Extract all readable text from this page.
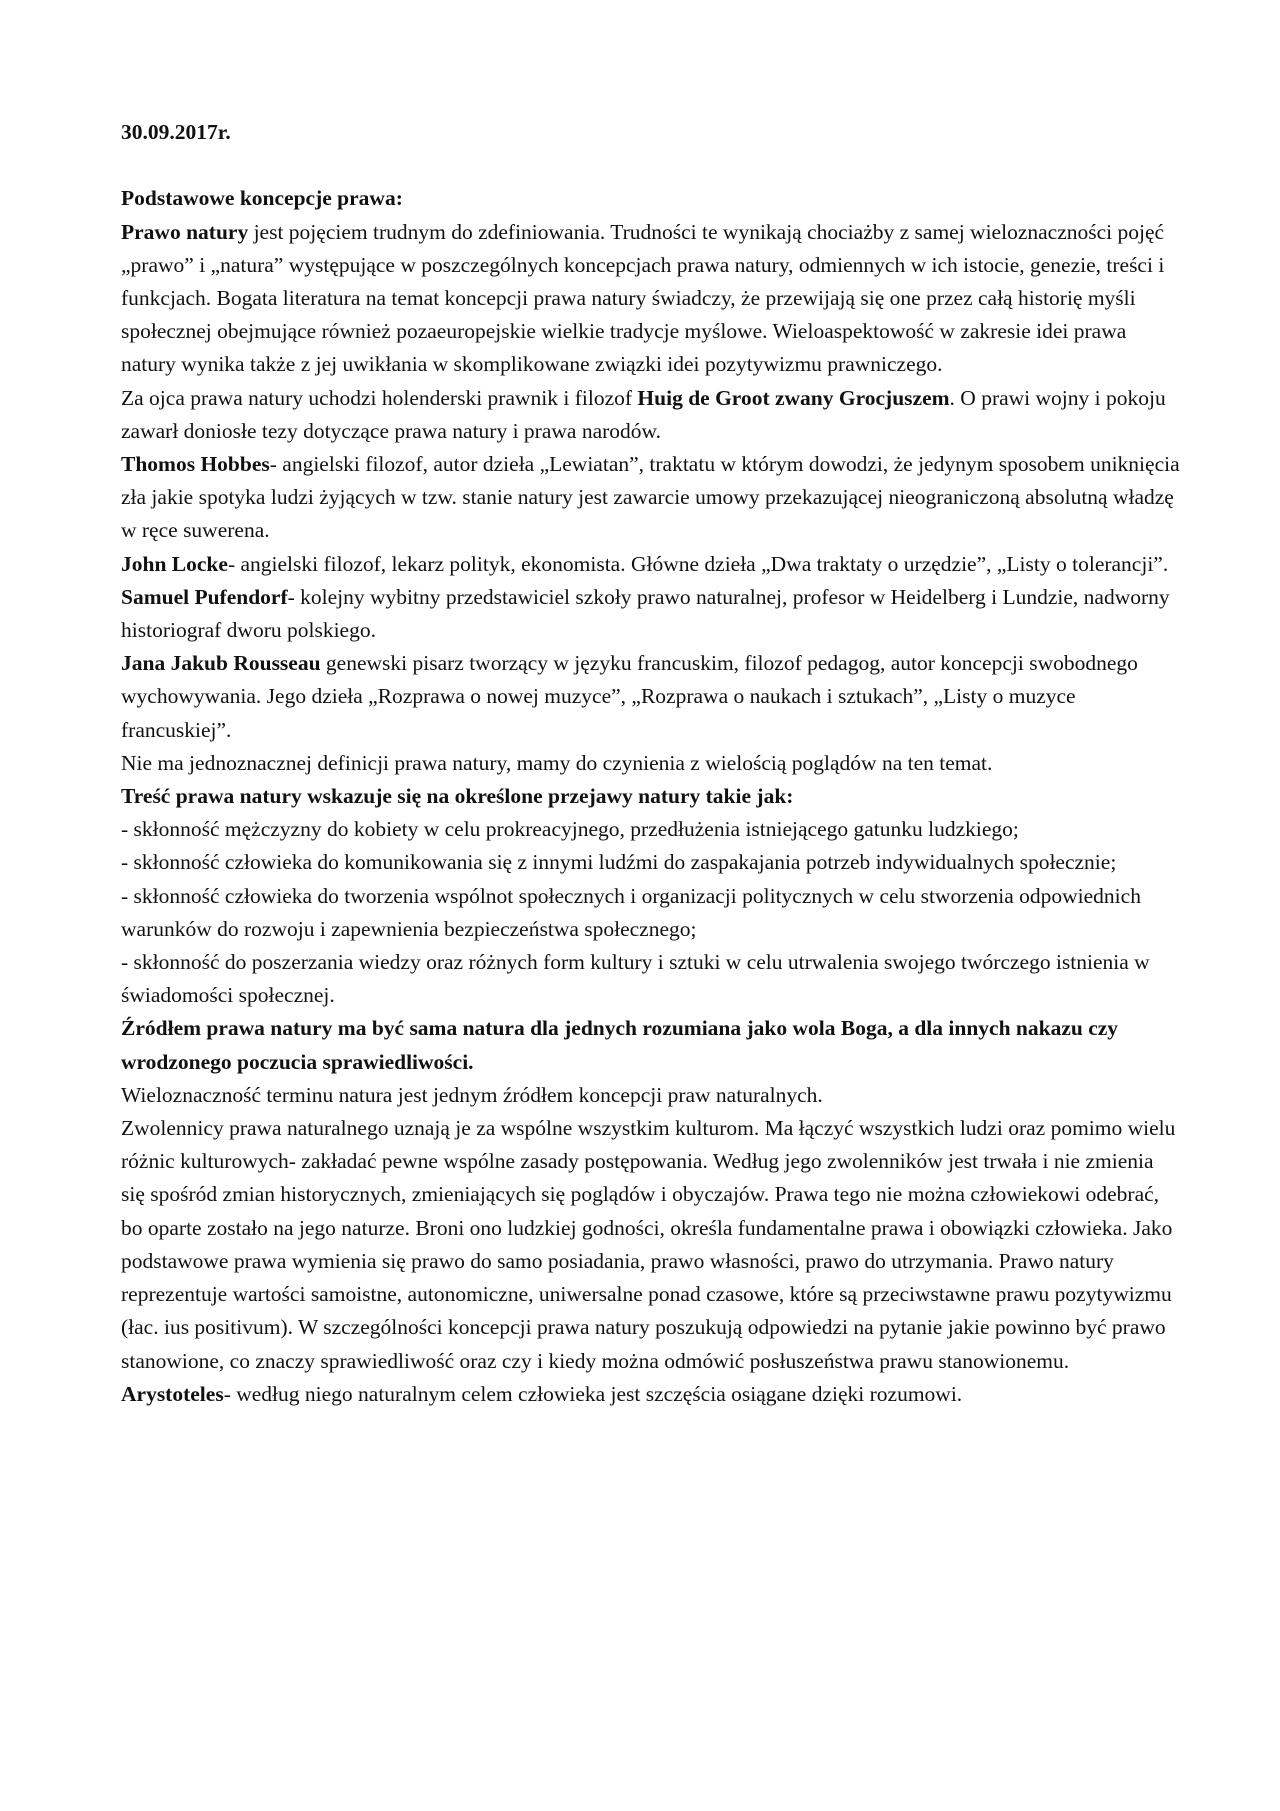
30.09.2017r.

Podstawowe koncepcje prawa:

Prawo natury jest pojęciem trudnym do zdefiniowania. Trudności te wynikają chociażby z samej wieloznaczności pojęć „prawo” i „natura” występujące w poszczególnych koncepcjach prawa natury, odmiennych w ich istocie, genezie, treści i funkcjach. Bogata literatura na temat koncepcji prawa natury świadczy, że przewijają się one przez całą historię myśli społecznej obejmujące również pozaeuropejskie wielkie tradycje myślowe. Wieloaspektowość w zakresie idei prawa natury wynika także z jej uwikłania w skomplikowane związki idei pozytywizmu prawniczego.

Za ojca prawa natury uchodzi holenderski prawnik i filozof Huig de Groot zwany Grocjuszem. O prawi wojny i pokoju zawarł doniosłe tezy dotyczące prawa natury i prawa narodów.

Thomos Hobbes- angielski filozof, autor dzieła „Lewiatan”, traktatu w którym dowodzi, że jedynym sposobem uniknięcia zła jakie spotyka ludzi żyjących w tzw. stanie natury jest zawarcie umowy przekazującej nieograniczoną absolutną władzę w ręce suwerena.

John Locke- angielski filozof, lekarz polityk, ekonomista. Główne dzieła „Dwa traktaty o urzędzie”, „Listy o tolerancji”.

Samuel Pufendorf- kolejny wybitny przedstawiciel szkoły prawo naturalnej, profesor w Heidelberg i Lundzie, nadworny historiograf dworu polskiego.

Jana Jakub Rousseau genewski pisarz tworzący w języku francuskim, filozof pedagog, autor koncepcji swobodnego wychowywania. Jego dzieła „Rozprawa o nowej muzyce”, „Rozprawa o naukach i sztukach”, „Listy o muzyce francuskiej”.

Nie ma jednoznacznej definicji prawa natury, mamy do czynienia z wielością poglądów na ten temat.

Treść prawa natury wskazuje się na określone przejawy natury takie jak:

- skłonność mężczyzny do kobiety w celu prokreacyjnego, przedłużenia istniejącego gatunku ludzkiego;
- skłonność człowieka do komunikowania się z innymi ludźmi do zaspakajania potrzeb indywidualnych społecznie;
- skłonność człowieka do tworzenia wspólnot społecznych i organizacji politycznych w celu stworzenia odpowiednich warunków do rozwoju i zapewnienia bezpieczeństwa społecznego;
- skłonność do poszerzania wiedzy oraz różnych form kultury i sztuki w celu utrwalenia swojego twórczego istnienia w świadomości społecznej.

Źródłem prawa natury ma być sama natura dla jednych rozumiana jako wola Boga, a dla innych nakazu czy wrodzonego poczucia sprawiedliwości.

Wieloznaczność terminu natura jest jednym źródłem koncepcji praw naturalnych.

Zwolennicy prawa naturalnego uznają je za wspólne wszystkim kulturom. Ma łączyć wszystkich ludzi oraz pomimo wielu różnic kulturowych- zakładać pewne wspólne zasady postępowania. Według jego zwolenników jest trwała i nie zmienia się spośród zmian historycznych, zmieniających się poglądów i obyczajów. Prawa tego nie można człowiekowi odebrać, bo oparte zostało na jego naturze. Broni ono ludzkiej godności, określa fundamentalne prawa i obowiązki człowieka. Jako podstawowe prawa wymienia się prawo do samo posiadania, prawo własności, prawo do utrzymania. Prawo natury reprezentuje wartości samoistne, autonomiczne, uniwersalne ponad czasowe, które są przeciwstawne prawu pozytywizmu (łac. ius positivum). W szczególności koncepcji prawa natury poszukują odpowiedzi na pytanie jakie powinno być prawo stanowione, co znaczy sprawiedliwość oraz czy i kiedy można odmówić posłuszeństwa prawu stanowionemu.

Arystoteles- według niego naturalnym celem człowieka jest szczęścia osiągane dzięki rozumowi.
